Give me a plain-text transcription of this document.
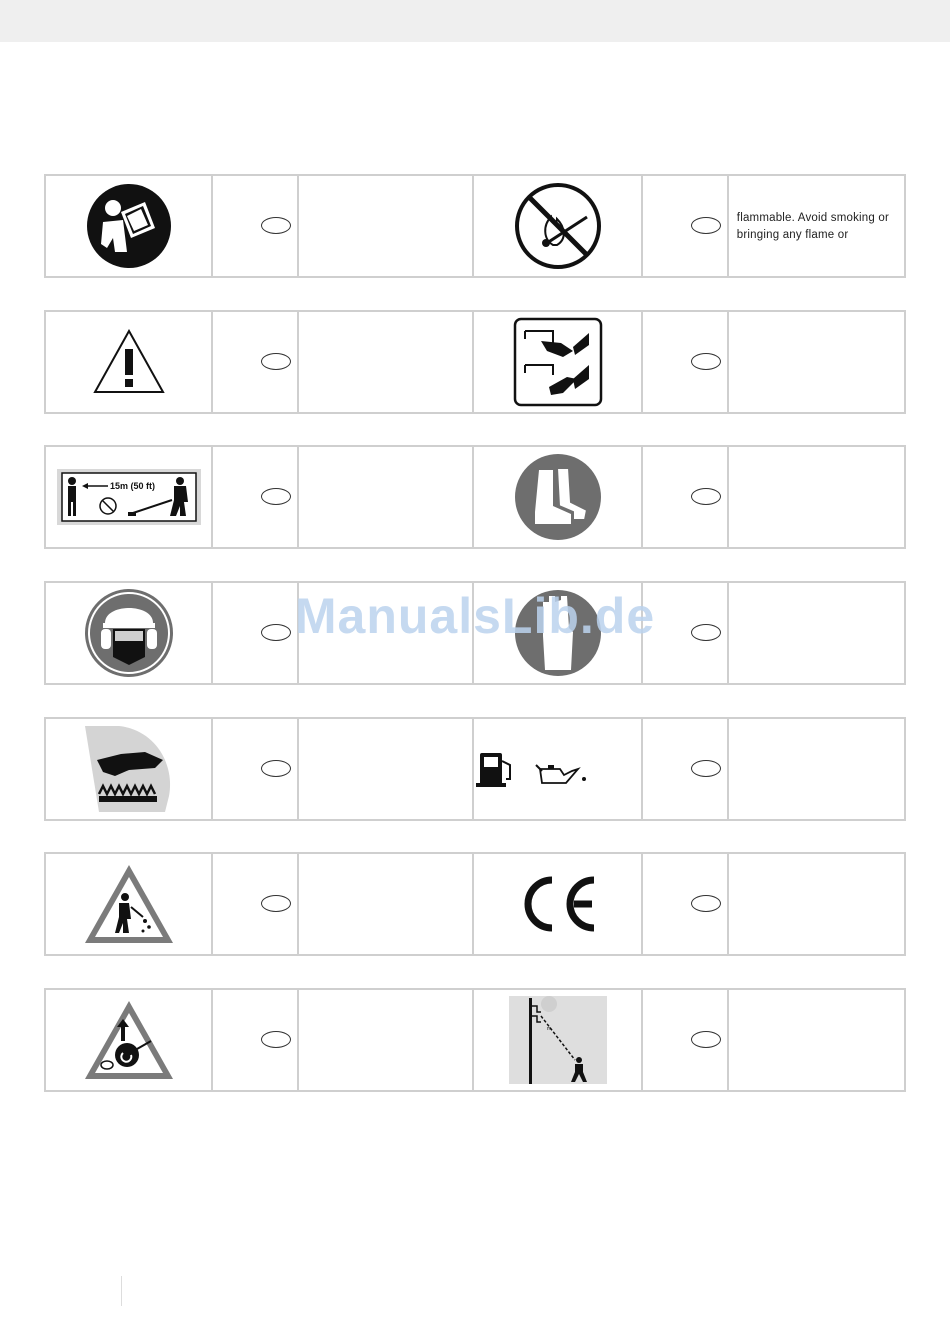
flammable. Avoid smoking or bringing any flame or
15m (50 ft)
m
ManualsLib.de
